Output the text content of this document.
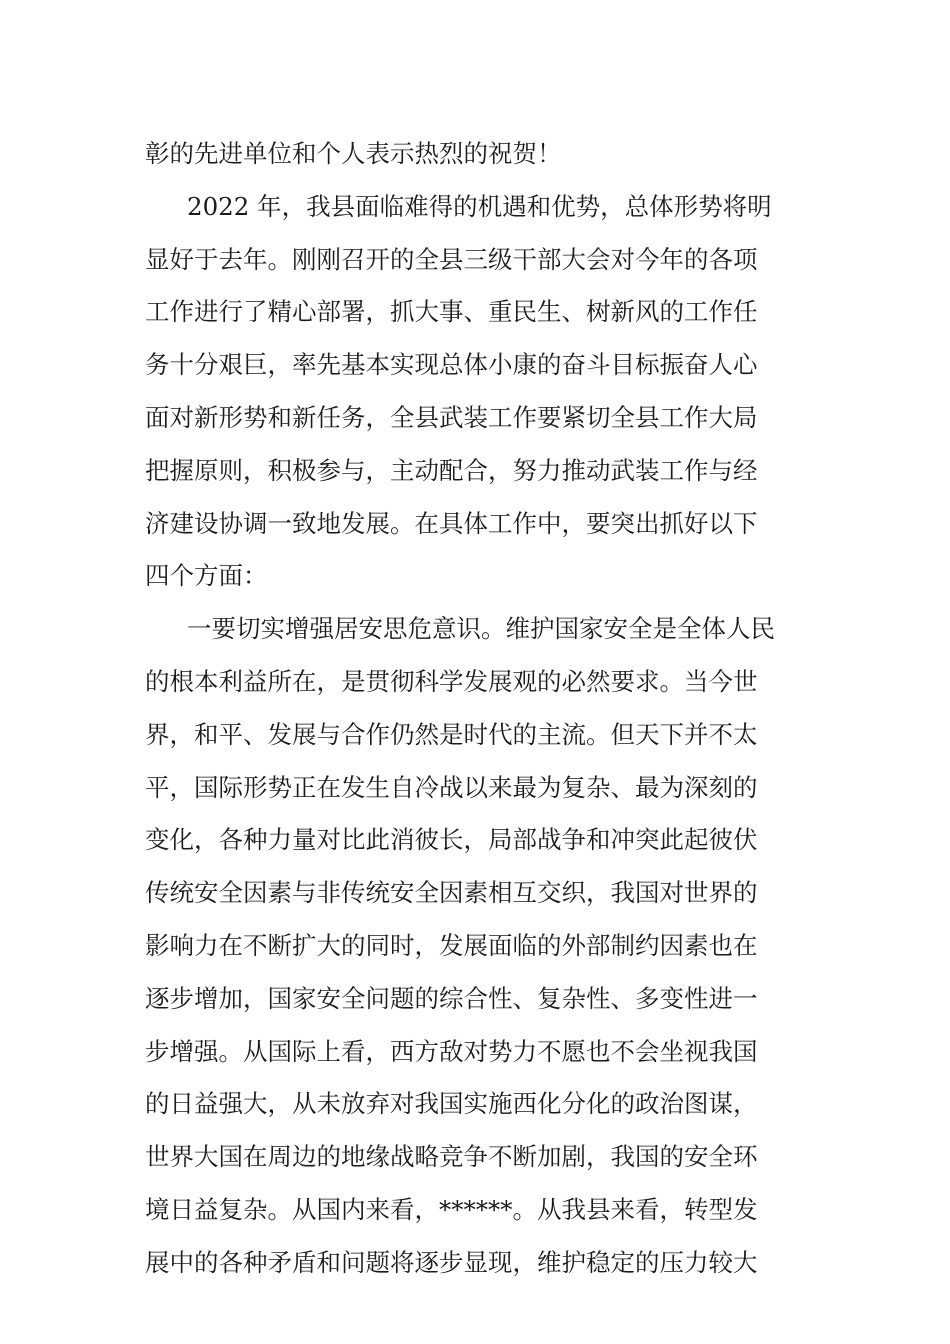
彰的先进单位和个人表示热烈的祝贺！
2022 年，我县面临难得的机遇和优势，总体形势将明
显好于去年。刚刚召开的全县三级干部大会对今年的各项
工作进行了精心部署，抓大事、重民生、树新风的工作任
务十分艰巨，率先基本实现总体小康的奋斗目标振奋人心
面对新形势和新任务，全县武装工作要紧切全县工作大局
把握原则，积极参与，主动配合，努力推动武装工作与经
济建设协调一致地发展。在具体工作中，要突出抓好以下
四个方面：
一要切实增强居安思危意识。维护国家安全是全体人民
的根本利益所在，是贯彻科学发展观的必然要求。当今世
界，和平、发展与合作仍然是时代的主流。但天下并不太
平，国际形势正在发生自冷战以来最为复杂、最为深刻的
变化，各种力量对比此消彼长，局部战争和冲突此起彼伏
传统安全因素与非传统安全因素相互交织，我国对世界的
影响力在不断扩大的同时，发展面临的外部制约因素也在
逐步增加，国家安全问题的综合性、复杂性、多变性进一
步增强。从国际上看，西方敌对势力不愿也不会坐视我国
的日益强大，从未放弃对我国实施西化分化的政治图谋，
世界大国在周边的地缘战略竞争不断加剧，我国的安全环
境日益复杂。从国内来看，******。从我县来看，转型发
展中的各种矛盾和问题将逐步显现，维护稳定的压力较大
